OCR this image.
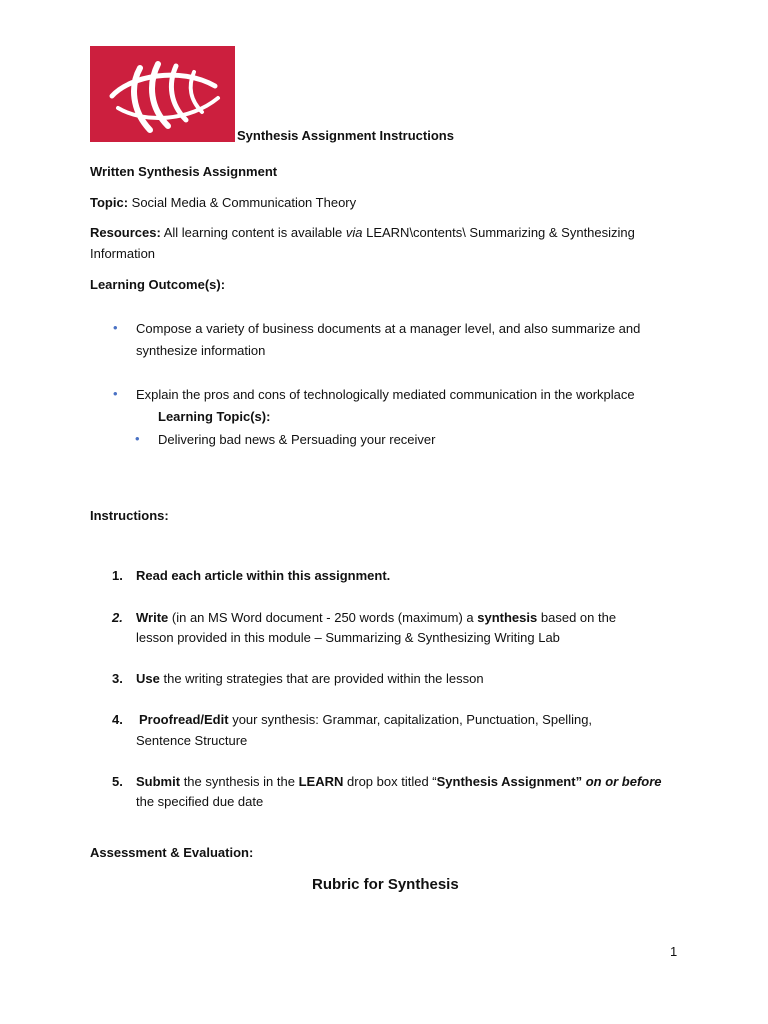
Synthesis Assignment Instructions
Written Synthesis Assignment
Topic: Social Media & Communication Theory
Resources: All learning content is available via LEARN\contents\ Summarizing & Synthesizing
Information
Learning Outcome(s):
• Compose a variety of business documents at a manager level, and also summarize and
synthesize information
• Explain the pros and cons of technologically mediated communication in the workplace
Learning Topic(s):
• Delivering bad news & Persuading your receiver
Instructions:
1. Read each article within this assignment.
2. Write (in an MS Word document - 250 words (maximum) a synthesis based on the
lesson provided in this module – Summarizing & Synthesizing Writing Lab
3. Use the writing strategies that are provided within the lesson
4. Proofread/Edit your synthesis: Grammar, capitalization, Punctuation, Spelling,
Sentence Structure
5. Submit the synthesis in the LEARN drop box titled “Synthesis Assignment” on or before
the specified due date
Assessment & Evaluation:
Rubric for Synthesis
1
